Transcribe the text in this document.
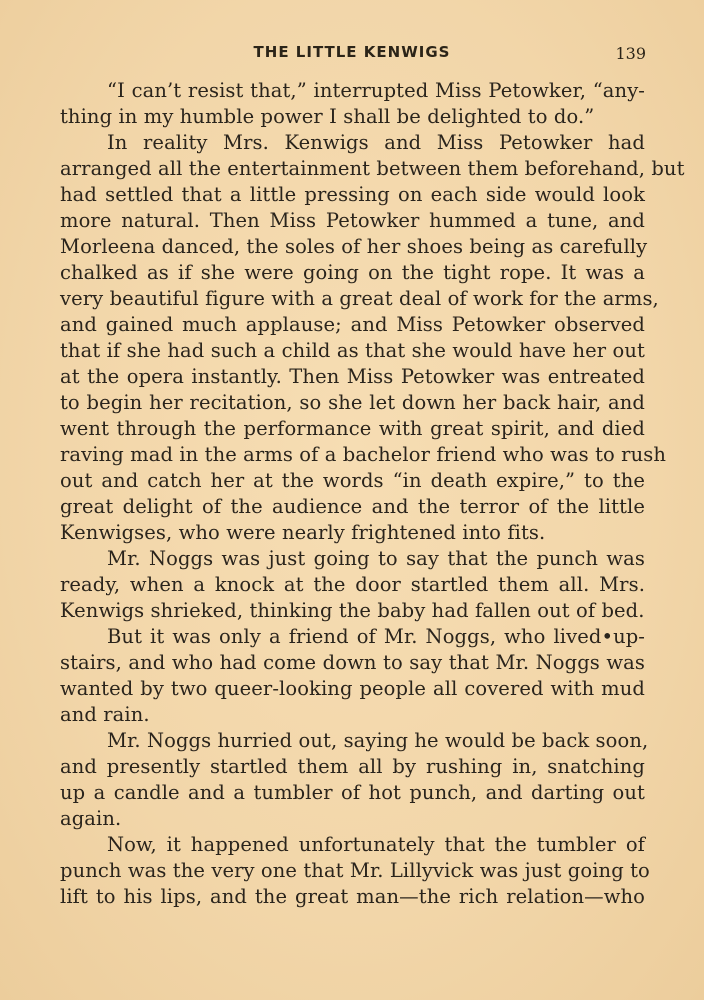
THE LITTLE KENWIGS	139
“I can’t resist that,” interrupted Miss Petowker, “any-
thing in my humble power I shall be delighted to do.”
In reality Mrs. Kenwigs and Miss Petowker had
arranged all the entertainment between them beforehand, but
had settled that a little pressing on each side would look
more natural. Then Miss Petowker hummed a tune, and
Morleena danced, the soles of her shoes being as carefully
chalked as if she were going on the tight rope. It was a
very beautiful figure with a great deal of work for the arms,
and gained much applause; and Miss Petowker observed
that if she had such a child as that she would have her out
at the opera instantly. Then Miss Petowker was entreated
to begin her recitation, so she let down her back hair, and
went through the performance with great spirit, and died
raving mad in the arms of a bachelor friend who was to rush
out and catch her at the words “in death expire,” to the
great delight of the audience and the terror of the little
Kenwigses, who were nearly frightened into fits.
Mr. Noggs was just going to say that the punch was
ready, when a knock at the door startled them all. Mrs.
Kenwigs shrieked, thinking the baby had fallen out of bed.
But it was only a friend of Mr. Noggs, who lived•up-
stairs, and who had come down to say that Mr. Noggs was
wanted by two queer-looking people all covered with mud
and rain.
Mr. Noggs hurried out, saying he would be back soon,
and presently startled them all by rushing in, snatching
up a candle and a tumbler of hot punch, and darting out
again.
Now, it happened unfortunately that the tumbler of
punch was the very one that Mr. Lillyvick was just going to
lift to his lips, and the great man—the rich relation—who
